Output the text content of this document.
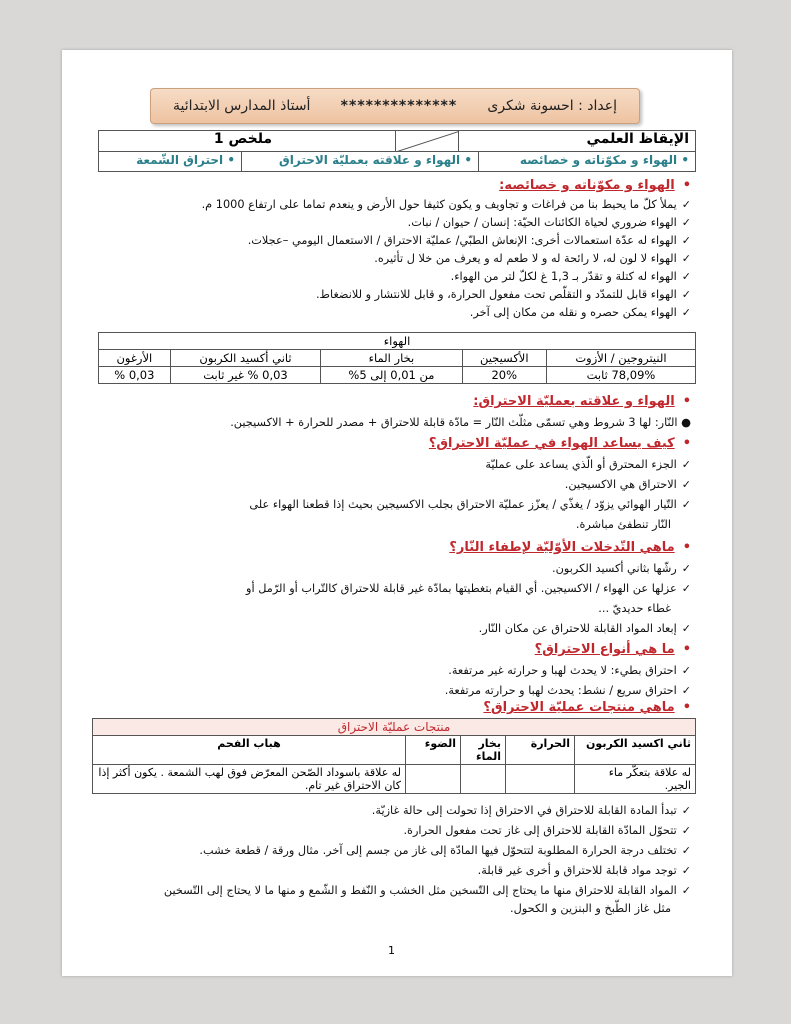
إعداد : احسونة شكرى
**************
أستاذ المدارس الابتدائية
الإيقاظ العلمي
ملخص 1
• الهواء و مكوّناته و خصائصه
• الهواء و علاقته بعمليّة الاحتراق
• احتراق الشّمعة
• الهواء و مكوّناته و خصائصه:
✓يملأ كلّ ما يحيط بنا من فراغات و تجاويف و يكون كثيفا حول الأرض و ينعدم تماما على ارتفاع 1000 م.
✓الهواء ضروري لحياة الكائنات الحيّة: إنسان / حيوان / نبات.
✓الهواء له عدّة استعمالات أخرى: الإنعاش الطبّي/ عمليّة الاحتراق / الاستعمال اليومي –عجلات.
✓الهواء لا لون له، لا رائحة له و لا طعم له و يعرف من خلا ل تأثيره.
✓الهواء له كتلة و تقدّر بـ 1,3 غ لكلّ لتر من الهواء.
✓الهواء قابل للتمدّد و التقلّص تحت مفعول الحرارة، و قابل للانتشار و للانضغاط.
✓الهواء يمكن حصره و نقله من مكان إلى آخر.
الهواء				
النيتروجين / الأزوت	الأكسيجين	بخار الماء	ثاني أكسيد الكربون	الأرغون
78,09% ثابت	20%	من 0,01 إلى 5%	0,03 % غير ثابت	0,03 %
• الهواء و علاقته بعمليّة الاحتراق:
● النّار: لها 3 شروط وهي تسمّى مثلّث النّار = مادّة قابلة للاحتراق + مصدر للحرارة + الاكسيجين.
• كيف يساعد الهواء في عمليّة الاحتراق؟
✓الجزء المحترق أو الّذي يساعد على عمليّة
✓الاحتراق هي الاكسيجين.
✓التّيار الهوائي يزوّد / يغذّي / يعزّز عمليّة الاحتراق بجلب الاكسيجين بحيث إذا قطعنا الهواء على
النّار تنطفئ مباشرة.
• ماهي التّدخلات الأوّليّة لإطفاء النّار؟
✓رشّها بثاني أكسيد الكربون.
✓عزلها عن الهواء / الاكسيجين. أي القيام بتغطيتها بمادّة غير قابلة للاحتراق كالتّراب أو الرّمل أو
غطاء حديديّ ...
✓إبعاد المواد القابلة للاحتراق عن مكان النّار.
• ما هي أنواع الاحتراق؟
✓احتراق بطيء: لا يحدث لهبا و حرارته غير مرتفعة.
✓احتراق سريع / نشط: يحدث لهبا و حرارته مرتفعة.
• ماهي منتجات عمليّة الاحتراق؟
منتجات عمليّة الاحتراق				
ثاني اكسيد الكربون	الحرارة	بخار الماء	الضوء	هباب الفحم
له علاقة بتعكّر ماء الجير.				له علاقة باسوداد الصّحن المعرّض فوق لهب الشمعة . يكون أكثر إذا كان الاحتراق غير تام.
✓تبدأ المادة القابلة للاحتراق في الاحتراق إذا تحولت إلى حالة غازيّة.
✓تتحوّل المادّة القابلة للاحتراق إلى غاز تحت مفعول الحرارة.
✓تختلف درجة الحرارة المطلوبة لتتحوّل فيها المادّة إلى غاز من جسم إلى آخر. مثال ورقة / قطعة خشب.
✓توجد مواد قابلة للاحتراق و أخرى غير قابلة.
✓المواد القابلة للاحتراق منها ما يحتاج إلى التّسخين مثل الخشب و النّفط و الشّمع و منها ما لا يحتاج إلى التّسخين
مثل غاز الطّبخ و البنزين و الكحول.
1
